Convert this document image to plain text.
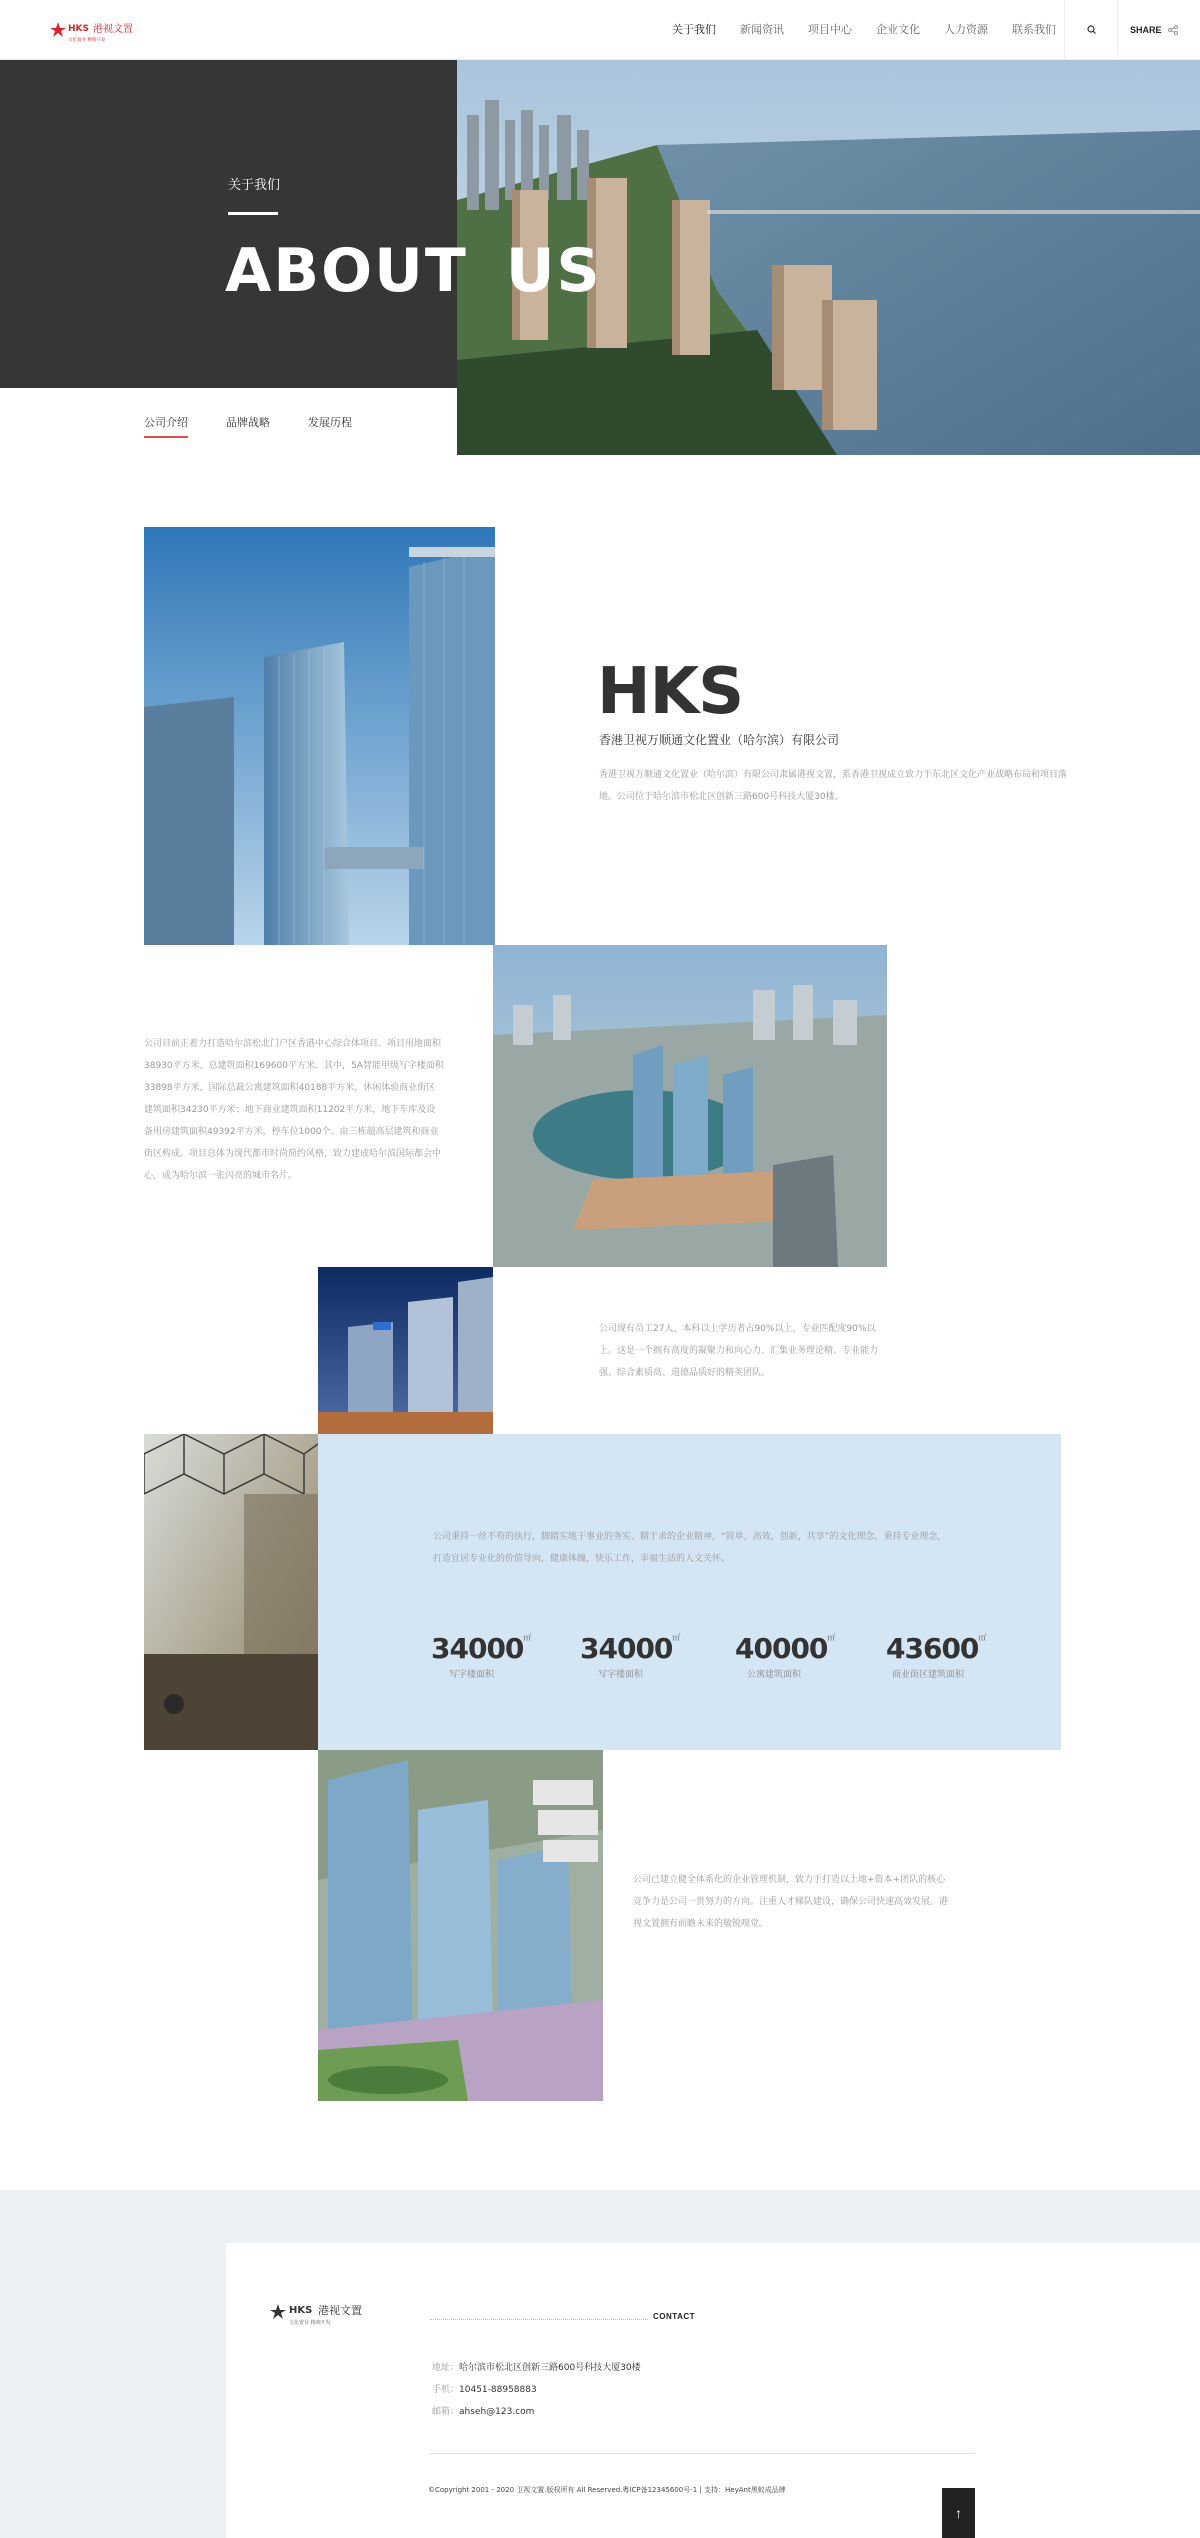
HKS 港视文置
文化置业 精细开发
关于我们	新闻资讯	项目中心	企业文化	人力资源	联系我们	SHARE
关于我们
ABOUT US
公司介绍	品牌战略	发展历程
HKS
香港卫视万顺通文化置业（哈尔滨）有限公司
香港卫视万顺通文化置业（哈尔滨）有限公司隶属港视文置，系香港卫视成立致力于东北区文化产业战略布局和项目落地。公司位于哈尔滨市松北区创新三路600号科技大厦30楼。
公司目前正着力打造哈尔滨松北门户区香港中心综合体项目。项目用地面积38930平方米，总建筑面积169600平方米。其中，5A智能甲级写字楼面积33898平方米，国际总裁公寓建筑面积40188平方米，休闲体验商业街区建筑面积34230平方米；地下商业建筑面积11202平方米，地下车库及设备用房建筑面积49392平方米，停车位1000个。由三栋超高层建筑和商业街区构成。项目总体为现代都市时尚简约风格，致力建成哈尔滨国际都会中心，成为哈尔滨一张闪亮的城市名片。
公司现有员工27人，本科以上学历者占90%以上，专业匹配度90%以上。这是一个拥有高度的凝聚力和向心力、汇集业务理论精、专业能力强、综合素质高、道德品质好的精英团队。
公司秉持一丝不苟的执行，脚踏实地干事业的务实、精于求的企业精神，“简单，高效，创新，共享”的文化理念，秉持专业理念，打造宜居专业化的价值导向，健康体魄，快乐工作，幸福生活的人文关怀。
34000㎡
写字楼面积
34000㎡
写字楼面积
40000㎡
公寓建筑面积
43600㎡
商业街区建筑面积
公司已建立健全体系化的企业管理机制，致力于打造以土地+资本+团队的核心竞争力是公司一贯努力的方向。注重人才梯队建设，确保公司快速高效发展。港视文置拥有前瞻未来的敏锐嗅觉。
HKS 港视文置
文化置业 精细开发
CONTACT
地址：哈尔滨市松北区创新三路600号科技大厦30楼
手机：10451-88958883
邮箱：ahseh@123.com
©Copyright 2001 - 2020 卫视文置.版权所有 All Reserved.粤ICP备12345600号-1 | 支持：HeyAnt黑蚁成品牌
↑
